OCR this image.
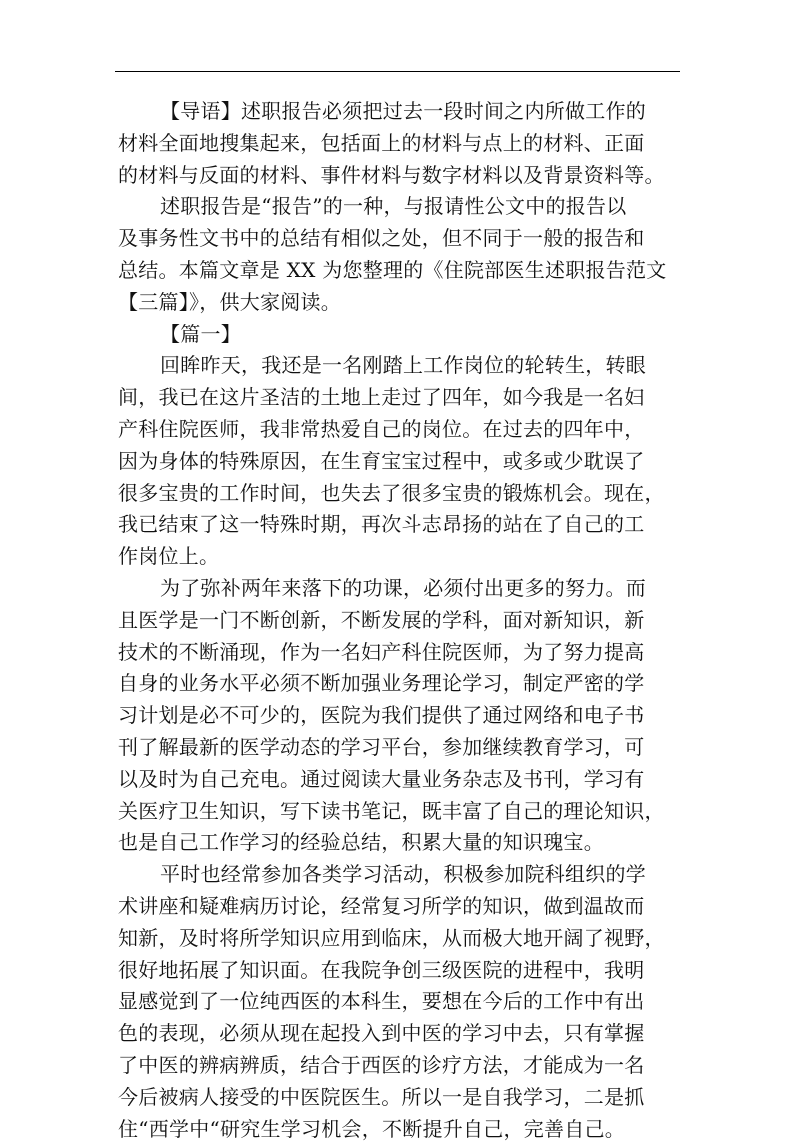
【导语】述职报告必须把过去一段时间之内所做工作的
材料全面地搜集起来，包括面上的材料与点上的材料、正面
的材料与反面的材料、事件材料与数字材料以及背景资料等。
述职报告是“报告”的一种，与报请性公文中的报告以
及事务性文书中的总结有相似之处，但不同于一般的报告和
总结。本篇文章是 XX 为您整理的《住院部医生述职报告范文
【三篇】》，供大家阅读。
【篇一】
回眸昨天，我还是一名刚踏上工作岗位的轮转生，转眼
间，我已在这片圣洁的土地上走过了四年，如今我是一名妇
产科住院医师，我非常热爱自己的岗位。在过去的四年中，
因为身体的特殊原因，在生育宝宝过程中，或多或少耽误了
很多宝贵的工作时间，也失去了很多宝贵的锻炼机会。现在，
我已结束了这一特殊时期，再次斗志昂扬的站在了自己的工
作岗位上。
为了弥补两年来落下的功课，必须付出更多的努力。而
且医学是一门不断创新，不断发展的学科，面对新知识，新
技术的不断涌现，作为一名妇产科住院医师，为了努力提高
自身的业务水平必须不断加强业务理论学习，制定严密的学
习计划是必不可少的，医院为我们提供了通过网络和电子书
刊了解最新的医学动态的学习平台，参加继续教育学习，可
以及时为自己充电。通过阅读大量业务杂志及书刊，学习有
关医疗卫生知识，写下读书笔记，既丰富了自己的理论知识，
也是自己工作学习的经验总结，积累大量的知识瑰宝。
平时也经常参加各类学习活动，积极参加院科组织的学
术讲座和疑难病历讨论，经常复习所学的知识，做到温故而
知新，及时将所学知识应用到临床，从而极大地开阔了视野，
很好地拓展了知识面。在我院争创三级医院的进程中，我明
显感觉到了一位纯西医的本科生，要想在今后的工作中有出
色的表现，必须从现在起投入到中医的学习中去，只有掌握
了中医的辨病辨质，结合于西医的诊疗方法，才能成为一名
今后被病人接受的中医院医生。所以一是自我学习，二是抓
住“西学中“研究生学习机会，不断提升自己，完善自己。
